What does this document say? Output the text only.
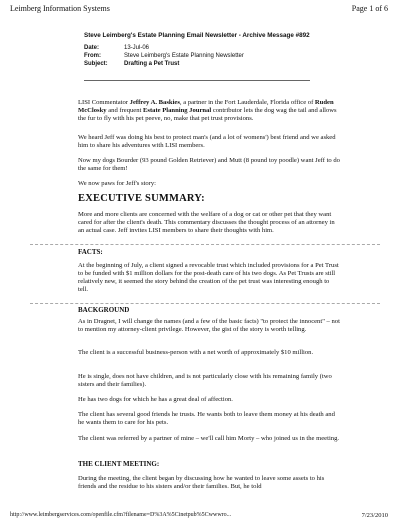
Leimberg Information Systems	Page 1 of 6
Steve Leimberg's Estate Planning Email Newsletter - Archive Message #892
Date:	13-Jul-06
From:	Steve Leimberg's Estate Planning Newsletter
Subject:	Drafting a Pet Trust

LISI Commentator Jeffrey A. Baskies, a partner in the Fort Lauderdale, Florida office of Ruden McClosky and frequent Estate Planning Journal contributor lets the dog wag the tail and allows the fur to fly with his pet peeve, no, make that pet trust provisions.

We heard Jeff was doing his best to protect man's (and a lot of womens') best friend and we asked him to share his adventures with LISI members.

Now my dogs Bourder (93 pound Golden Retriever) and Mutt (8 pound toy poodle) want Jeff to do the same for them!

We now paws for Jeff's story:

EXECUTIVE SUMMARY:
More and more clients are concerned with the welfare of a dog or cat or other pet that they want cared for after the client's death. This commentary discusses the thought process of an attorney in an actual case. Jeff invites LISI members to share their thoughts with him.
FACTS:
At the beginning of July, a client signed a revocable trust which included provisions for a Pet Trust to be funded with $1 million dollars for the post-death care of his two dogs. As Pet Trusts are still relatively new, it seemed the story behind the creation of the pet trust was interesting enough to tell.
BACKGROUND
As in Dragnet, I will change the names (and a few of the basic facts) "to protect the innocent" – not to mention my attorney-client privilege. However, the gist of the story is worth telling.
The client is a successful business-person with a net worth of approximately $10 million.
He is single, does not have children, and is not particularly close with his remaining family (two sisters and their families).
He has two dogs for which he has a great deal of affection.
The client has several good friends he trusts. He wants both to leave them money at his death and he wants them to care for his pets.
The client was referred by a partner of mine – we'll call him Morty – who joined us in the meeting.
THE CLIENT MEETING:
During the meeting, the client began by discussing how he wanted to leave some assets to his friends and the residue to his sisters and/or their families. But, he told
http://www.leimbergservices.com/openfile.cfm?filename=D%3A%5Cinetpub%5Cwwwro...	7/23/2010
